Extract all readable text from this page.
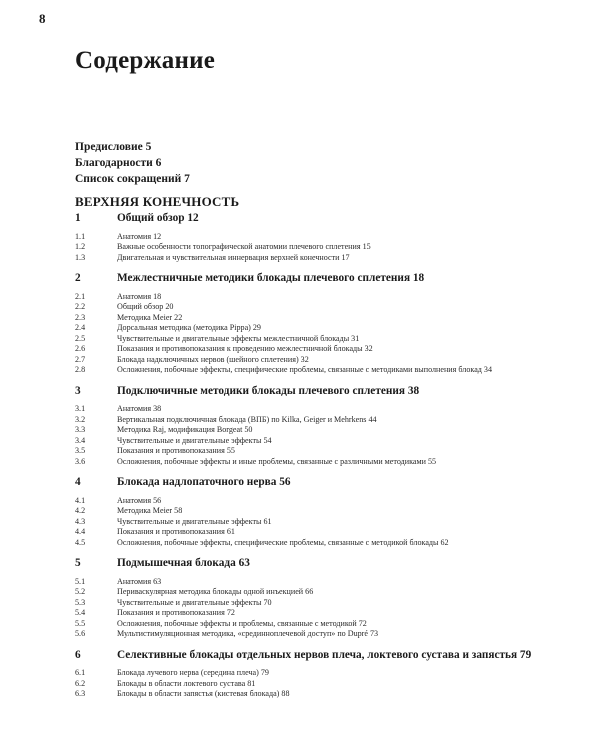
8
Содержание
Предисловие 5
Благодарности 6
Список сокращений 7
ВЕРХНЯЯ КОНЕЧНОСТЬ
1	Общий обзор 12
1.1	Анатомия 12
1.2	Важные особенности топографической анатомии плечевого сплетения 15
1.3	Двигательная и чувствительная иннервация верхней конечности 17
2	Межлестничные методики блокады плечевого сплетения 18
2.1	Анатомия 18
2.2	Общий обзор 20
2.3	Методика Meier 22
2.4	Дорсальная методика (методика Pippa) 29
2.5	Чувствительные и двигательные эффекты межлестничной блокады 31
2.6	Показания и противопоказания к проведению межлестничной блокады 32
2.7	Блокада надключичных нервов (шейного сплетения) 32
2.8	Осложнения, побочные эффекты, специфические проблемы, связанные с методиками выполнения блокад 34
3	Подключичные методики блокады плечевого сплетения 38
3.1	Анатомия 38
3.2	Вертикальная подключичная блокада (ВПБ) по Kilka, Geiger и Mehrkens 44
3.3	Методика Raj, модификация Borgeat 50
3.4	Чувствительные и двигательные эффекты 54
3.5	Показания и противопоказания 55
3.6	Осложнения, побочные эффекты и иные проблемы, связанные с различными методиками 55
4	Блокада надлопаточного нерва 56
4.1	Анатомия 56
4.2	Методика Meier 58
4.3	Чувствительные и двигательные эффекты 61
4.4	Показания и противопоказания 61
4.5	Осложнения, побочные эффекты, специфические проблемы, связанные с методикой блокады 62
5	Подмышечная блокада 63
5.1	Анатомия 63
5.2	Периваскулярная методика блокады одной инъекцией 66
5.3	Чувствительные и двигательные эффекты 70
5.4	Показания и противопоказания 72
5.5	Осложнения, побочные эффекты и проблемы, связанные с методикой 72
5.6	Мультистимуляционная методика, «срединноплечевой доступ» по Dupré 73
6	Селективные блокады отдельных нервов плеча, локтевого сустава и запястья 79
6.1	Блокада лучевого нерва (середина плеча) 79
6.2	Блокады в области локтевого сустава 81
6.3	Блокады в области запястья (кистевая блокада) 88
